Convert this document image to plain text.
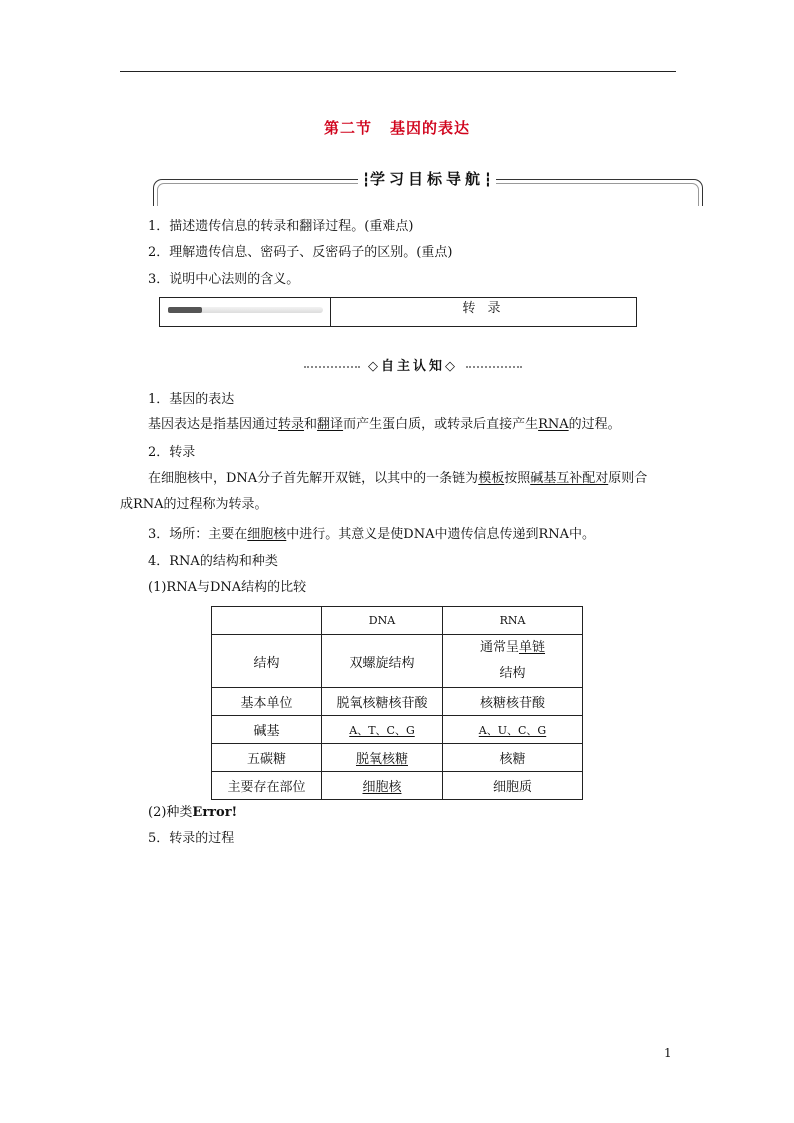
第二节 基因的表达
┇ 学习目标导航 ┇
1．描述遗传信息的转录和翻译过程。(重难点)
2．理解遗传信息、密码子、反密码子的区别。(重点)
3．说明中心法则的含义。
转 录
◇自主认知◇
1．基因的表达
基因表达是指基因通过转录和翻译而产生蛋白质，或转录后直接产生RNA的过程。
2．转录
在细胞核中，DNA分子首先解开双链，以其中的一条链为模板按照碱基互补配对原则合
成RNA的过程称为转录。
3．场所：主要在细胞核中进行。其意义是使DNA中遗传信息传递到RNA中。
4．RNA的结构和种类
(1)RNA与DNA结构的比较
	DNA	RNA
结构	双螺旋结构	通常呈单链
结构
基本单位	脱氧核糖核苷酸	核糖核苷酸
碱基	A、T、C、G	A、U、C、G
五碳糖	脱氧核糖	核糖
主要存在部位	细胞核	细胞质
(2)种类Error!
5．转录的过程
1
